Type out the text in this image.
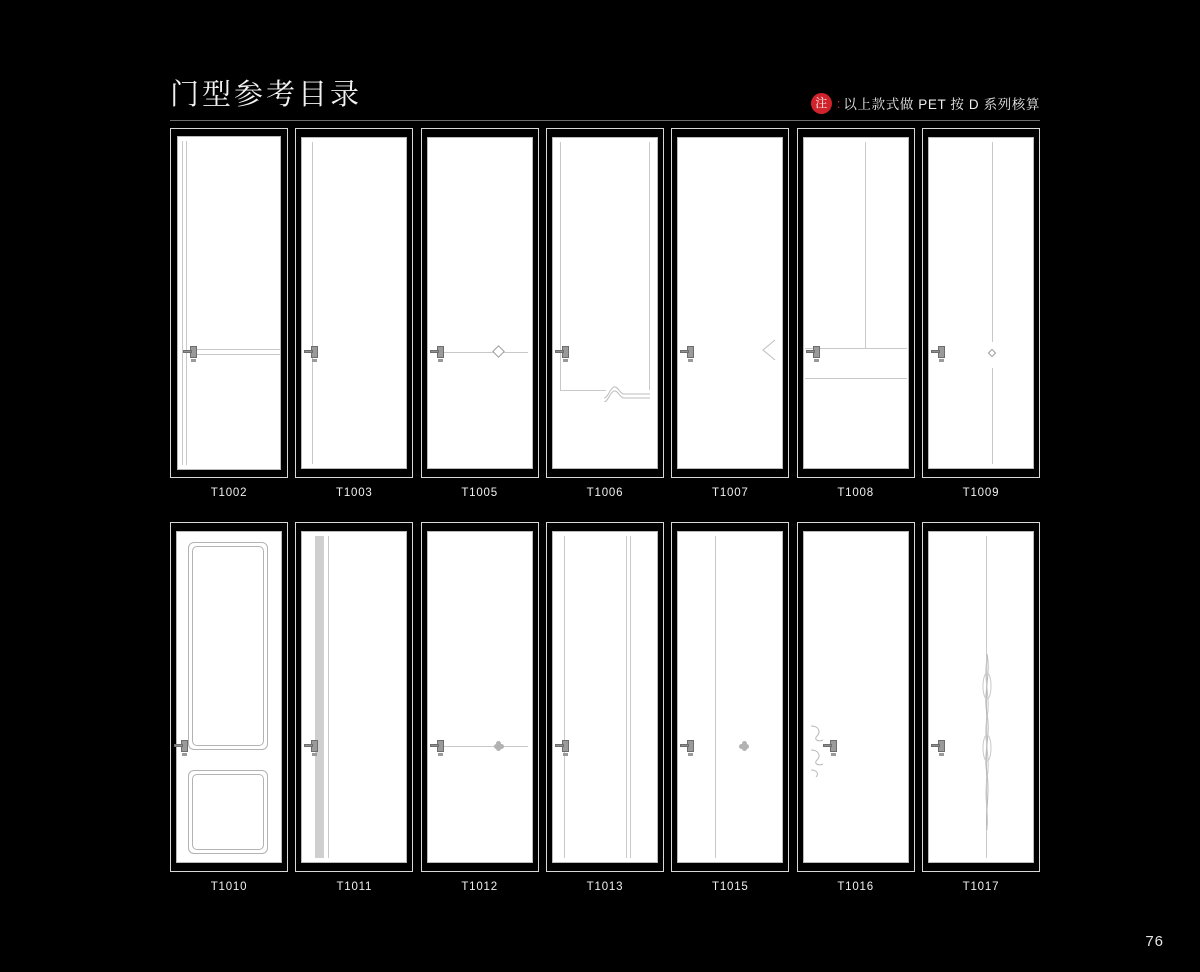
门型参考目录	注 : 以上款式做 PET 按 D 系列核算
T1002	T1003	T1005	T1006	T1007	T1008	T1009
T1010	T1011	T1012	T1013	T1015	T1016	T1017
76
